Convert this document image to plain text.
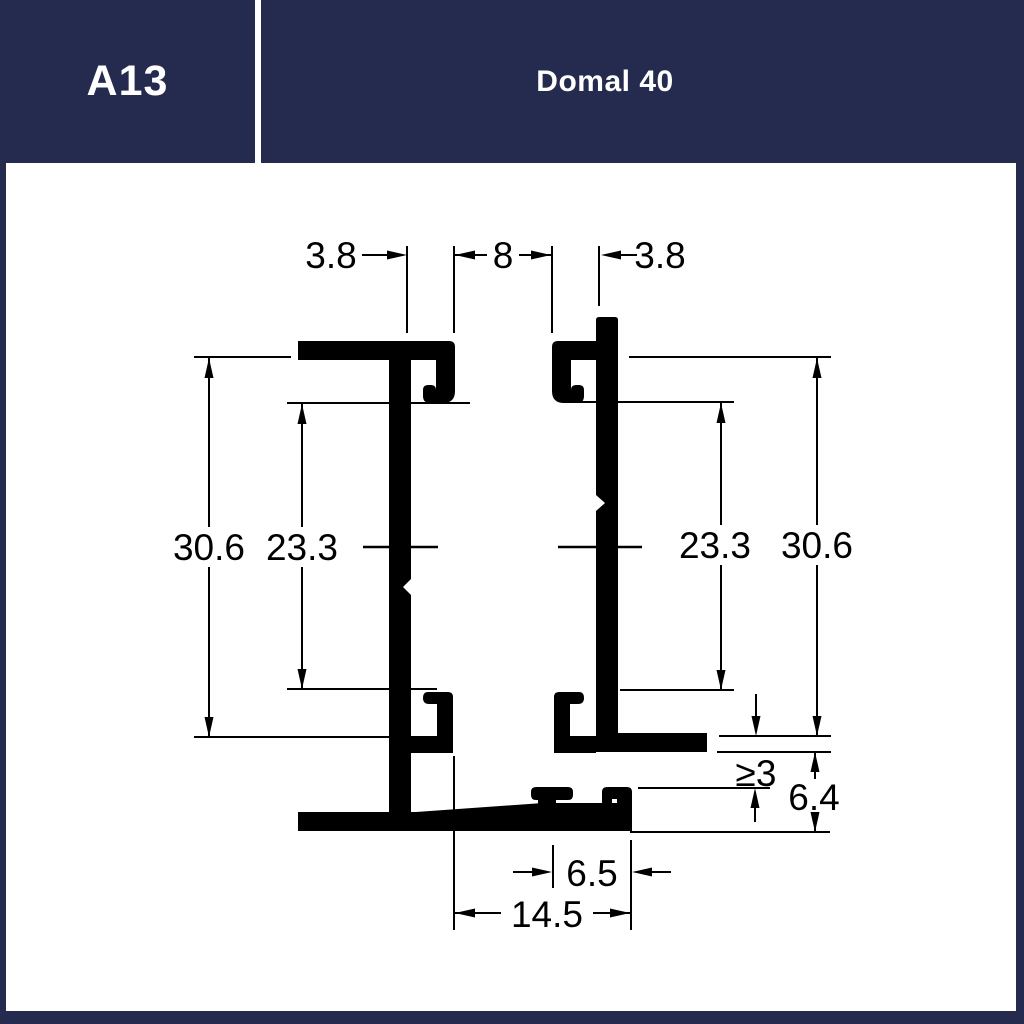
A13	Domal 40
3.8	8	3.8
30.6 23.3	23.3 30.6
≥3
6.4
6.5
14.5
